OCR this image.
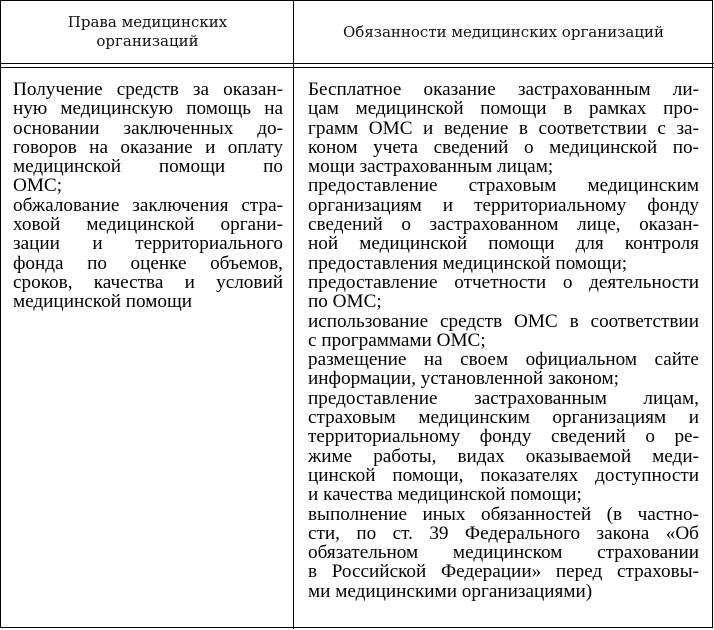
Права медицинских
организаций
Обязанности медицинских организаций
Получение средств за оказан-
ную медицинскую помощь на
основании заключенных до-
говоров на оказание и оплату
медицинской помощи по
ОМС;
обжалование заключения стра-
ховой медицинской органи-
зации и территориального
фонда по оценке объемов,
сроков, качества и условий
медицинской помощи
Бесплатное оказание застрахованным ли-
цам медицинской помощи в рамках про-
грамм ОМС и ведение в соответствии с за-
коном учета сведений о медицинской по-
мощи застрахованным лицам;
предоставление страховым медицинским
организациям и территориальному фонду
сведений о застрахованном лице, оказан-
ной медицинской помощи для контроля
предоставления медицинской помощи;
предоставление отчетности о деятельности
по ОМС;
использование средств ОМС в соответствии
с программами ОМС;
размещение на своем официальном сайте
информации, установленной законом;
предоставление застрахованным лицам,
страховым медицинским организациям и
территориальному фонду сведений о ре-
жиме работы, видах оказываемой меди-
цинской помощи, показателях доступности
и качества медицинской помощи;
выполнение иных обязанностей (в частно-
сти, по ст. 39 Федерального закона «Об
обязательном медицинском страховании
в Российской Федерации» перед страховы-
ми медицинскими организациями)
